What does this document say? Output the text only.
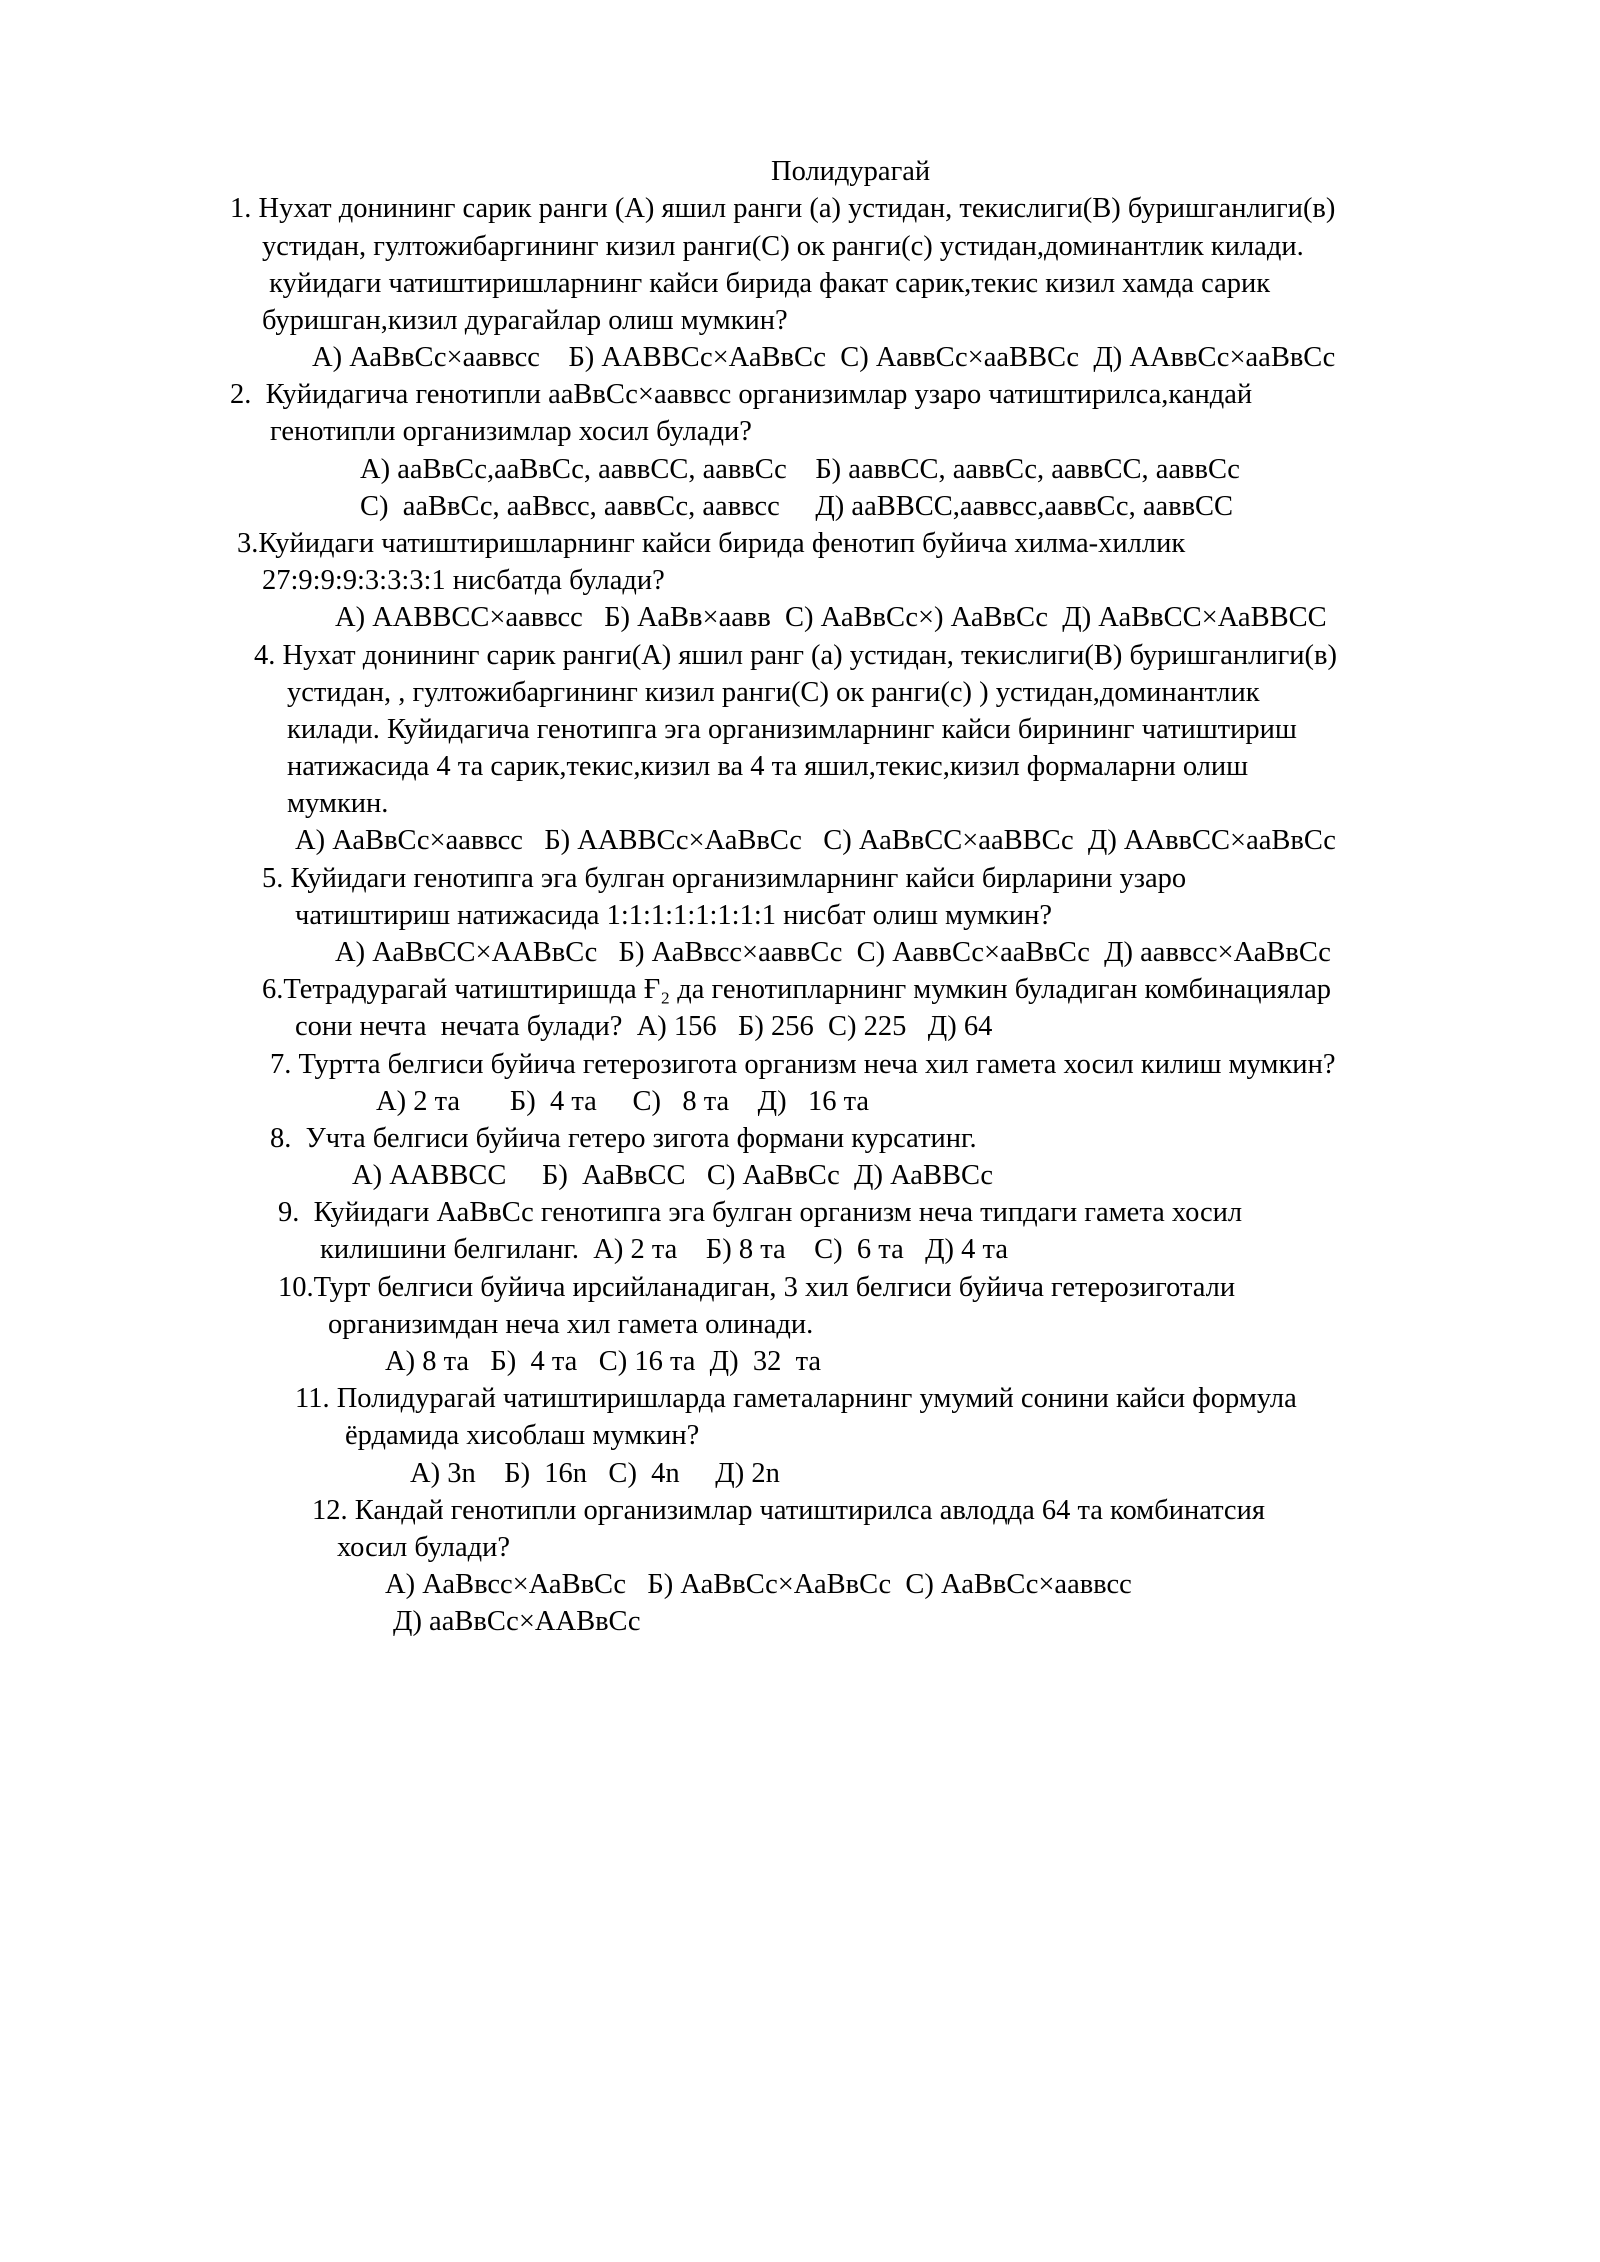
Полидурагай
1. Нухат донининг сарик ранги (А) яшил ранги (а) устидан, текислиги(В) буришганлиги(в)
устидан, гултожибаргининг кизил ранги(С) ок ранги(с) устидан,доминантлик килади.
куйидаги чатиштиришларнинг кайси бирида факат сарик,текис кизил хамда сарик
буришган,кизил дурагайлар олиш мумкин?
А) АаВвСс×ааввсс    Б) ААВВСс×АаВвСс  С) АаввСс×ааВВСс  Д) ААввСс×ааВвСс
2.  Куйидагича генотипли ааВвСс×ааввсс организимлар узаро чатиштирилса,кандай
генотипли организимлар хосил булади?
А) ааВвСс,ааВвСс, ааввСС, ааввСс    Б) ааввСС, ааввСс, ааввСС, ааввСс
С)  ааВвСс, ааВвсс, ааввСс, ааввсс     Д) ааВВСС,ааввсс,ааввСс, ааввСС
3.Куйидаги чатиштиришларнинг кайси бирида фенотип буйича хилма-хиллик
27:9:9:9:3:3:3:1 нисбатда булади?
А) ААВВСС×ааввсс   Б) АаВв×аавв  С) АаВвСс×) АаВвСс  Д) АаВвСС×АаВВСС
4. Нухат донининг сарик ранги(А) яшил ранг (а) устидан, текислиги(В) буришганлиги(в)
устидан, , гултожибаргининг кизил ранги(С) ок ранги(с) ) устидан,доминантлик
килади. Куйидагича генотипга эга организимларнинг кайси бирининг чатиштириш
натижасида 4 та сарик,текис,кизил ва 4 та яшил,текис,кизил формаларни олиш
мумкин.
А) АаВвСс×ааввсс   Б) ААВВСс×АаВвСс   С) АаВвСС×ааВВСс  Д) ААввСС×ааВвСс
5. Куйидаги генотипга эга булган организимларнинг кайси бирларини узаро
чатиштириш натижасида 1:1:1:1:1:1:1:1 нисбат олиш мумкин?
А) АаВвСС×ААВвСс   Б) АаВвсс×ааввСс  С) АаввСс×ааВвСс  Д) ааввсс×АаВвСс
6.Тетрадурагай чатиштиришда Ғ₂ да генотипларнинг мумкин буладиган комбинациялар
сони нечта  нечата булади?  А) 156   Б) 256  С) 225   Д) 64
7. Туртта белгиси буйича гетерозигота организм неча хил гамета хосил килиш мумкин?
А) 2 та       Б)  4 та     С)   8 та    Д)   16 та
8.  Учта белгиси буйича гетеро зигота формани курсатинг.
А) ААВВСС     Б)  АаВвСС   С) АаВвСс  Д) АаВВСс
9.  Куйидаги АаВвСс генотипга эга булган организм неча типдаги гамета хосил
килишини белгиланг.  А) 2 та    Б) 8 та    С)  6 та   Д) 4 та
10.Турт белгиси буйича ирсийланадиган, 3 хил белгиси буйича гетерозиготали
организимдан неча хил гамета олинади.
А) 8 та   Б)  4 та   С) 16 та  Д)  32  та
11. Полидурагай чатиштиришларда гаметаларнинг умумий сонини кайси формула
ёрдамида хисоблаш мумкин?
А) 3n    Б)  16n   С)  4n     Д) 2n
12. Кандай генотипли организимлар чатиштирилса авлодда 64 та комбинатсия
хосил булади?
А) АаВвсс×АаВвСс   Б) АаВвСс×АаВвСс  С) АаВвСс×ааввсс
Д) ааВвСс×ААВвСс
